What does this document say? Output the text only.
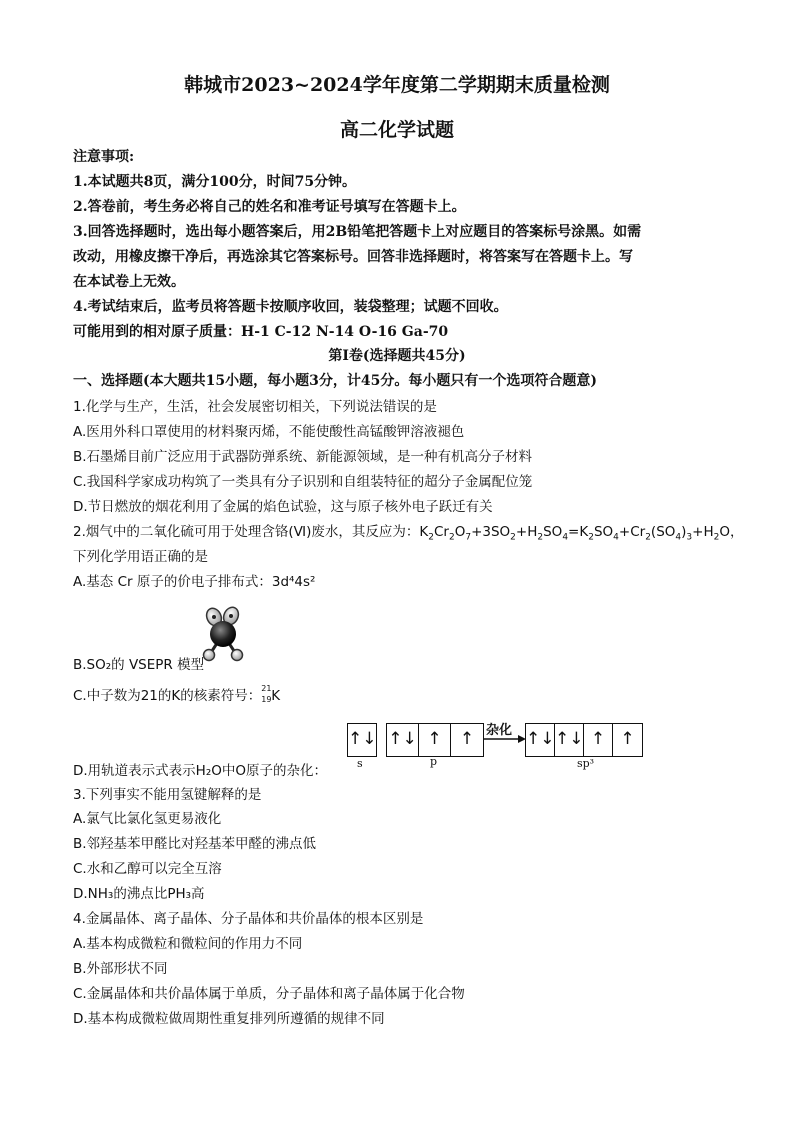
韩城市2023~2024学年度第二学期期末质量检测
高二化学试题
注意事项:
1.本试题共8页，满分100分，时间75分钟。
2.答卷前，考生务必将自己的姓名和准考证号填写在答题卡上。
3.回答选择题时，选出每小题答案后，用2B铅笔把答题卡上对应题目的答案标号涂黑。如需
改动，用橡皮擦干净后，再选涂其它答案标号。回答非选择题时，将答案写在答题卡上。写
在本试卷上无效。
4.考试结束后，监考员将答题卡按顺序收回，装袋整理；试题不回收。
可能用到的相对原子质量：H-1 C-12 N-14 O-16 Ga-70
第Ⅰ卷(选择题共45分)
一、选择题(本大题共15小题，每小题3分，计45分。每小题只有一个选项符合题意)
1.化学与生产，生活，社会发展密切相关，下列说法错误的是
A.医用外科口罩使用的材料聚丙烯，不能使酸性高锰酸钾溶液褪色
B.石墨烯目前广泛应用于武器防弹系统、新能源领域，是一种有机高分子材料
C.我国科学家成功构筑了一类具有分子识别和自组装特征的超分子金属配位笼
D.节日燃放的烟花利用了金属的焰色试验，这与原子核外电子跃迁有关
2.烟气中的二氧化硫可用于处理含铬(Ⅵ)废水，其反应为：$K_2Cr_2O_7+3SO_2+H_2SO_4=K_2SO_4+Cr_2(SO_4)_3+H_2O$，
下列化学用语正确的是
A.基态 Cr 原子的价电子排布式：3d⁴4s²
B.SO₂的 VSEPR 模型
C.中子数为21的K的核素符号： 21
19 K
↑↓ ↑↓ ↑	↑ 杂化 ↑↓ ↑↓ ↑ ↑
s	p	sp³
D.用轨道表示式表示H₂O中O原子的杂化：
3.下列事实不能用氢键解释的是
A.氯气比氯化氢更易液化
B.邻羟基苯甲醛比对羟基苯甲醛的沸点低
C.水和乙醇可以完全互溶
D.NH₃的沸点比PH₃高
4.金属晶体、离子晶体、分子晶体和共价晶体的根本区别是
A.基本构成微粒和微粒间的作用力不同
B.外部形状不同
C.金属晶体和共价晶体属于单质，分子晶体和离子晶体属于化合物
D.基本构成微粒做周期性重复排列所遵循的规律不同
